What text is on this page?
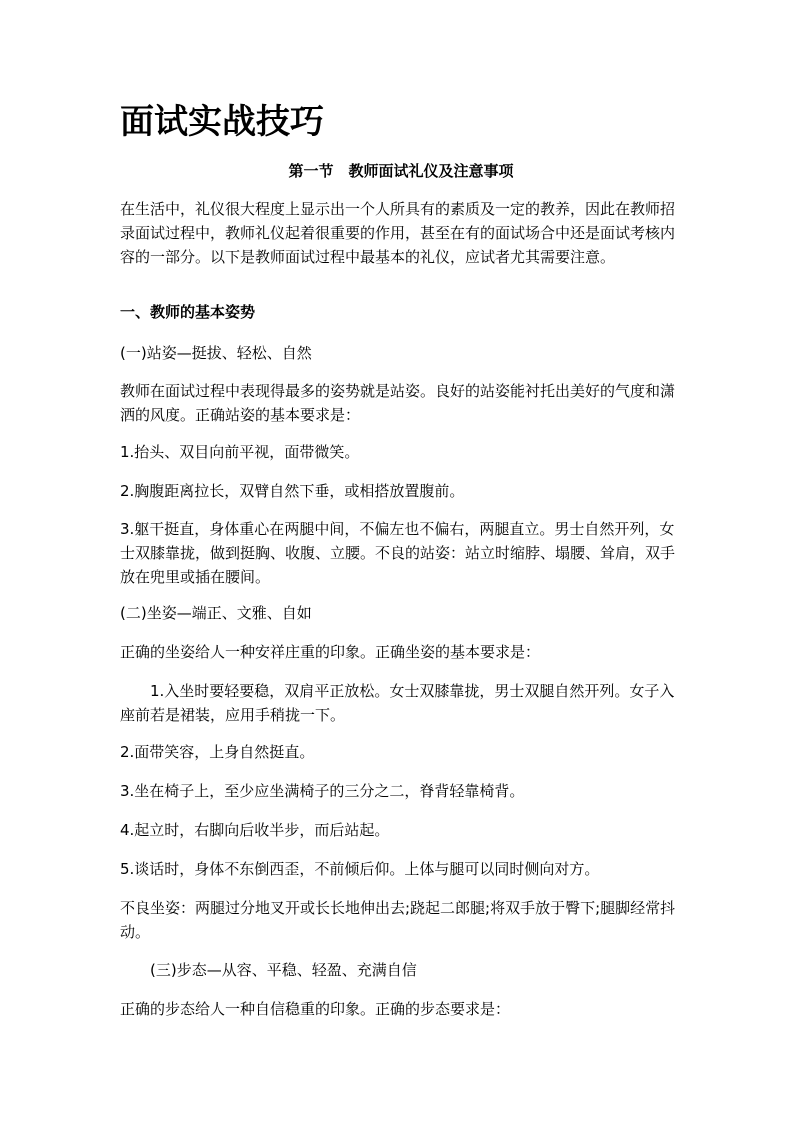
面试实战技巧
第一节　教师面试礼仪及注意事项

在生活中，礼仪很大程度上显示出一个人所具有的素质及一定的教养，因此在教师招录面试过程中，教师礼仪起着很重要的作用，甚至在有的面试场合中还是面试考核内容的一部分。以下是教师面试过程中最基本的礼仪，应试者尤其需要注意。

一、教师的基本姿势

(一)站姿—挺拔、轻松、自然

教师在面试过程中表现得最多的姿势就是站姿。良好的站姿能衬托出美好的气度和潇洒的风度。正确站姿的基本要求是：

1.抬头、双目向前平视，面带微笑。

2.胸腹距离拉长，双臂自然下垂，或相搭放置腹前。

3.躯干挺直，身体重心在两腿中间，不偏左也不偏右，两腿直立。男士自然开列，女士双膝靠拢，做到挺胸、收腹、立腰。不良的站姿：站立时缩脖、塌腰、耸肩，双手放在兜里或插在腰间。

(二)坐姿—端正、文雅、自如

正确的坐姿给人一种安祥庄重的印象。正确坐姿的基本要求是：

1.入坐时要轻要稳，双肩平正放松。女士双膝靠拢，男士双腿自然开列。女子入座前若是裙装，应用手稍拢一下。

2.面带笑容，上身自然挺直。

3.坐在椅子上，至少应坐满椅子的三分之二，脊背轻靠椅背。

4.起立时，右脚向后收半步，而后站起。

5.谈话时，身体不东倒西歪，不前倾后仰。上体与腿可以同时侧向对方。

不良坐姿：两腿过分地叉开或长长地伸出去;跷起二郎腿;将双手放于臀下;腿脚经常抖动。

(三)步态—从容、平稳、轻盈、充满自信

正确的步态给人一种自信稳重的印象。正确的步态要求是：
